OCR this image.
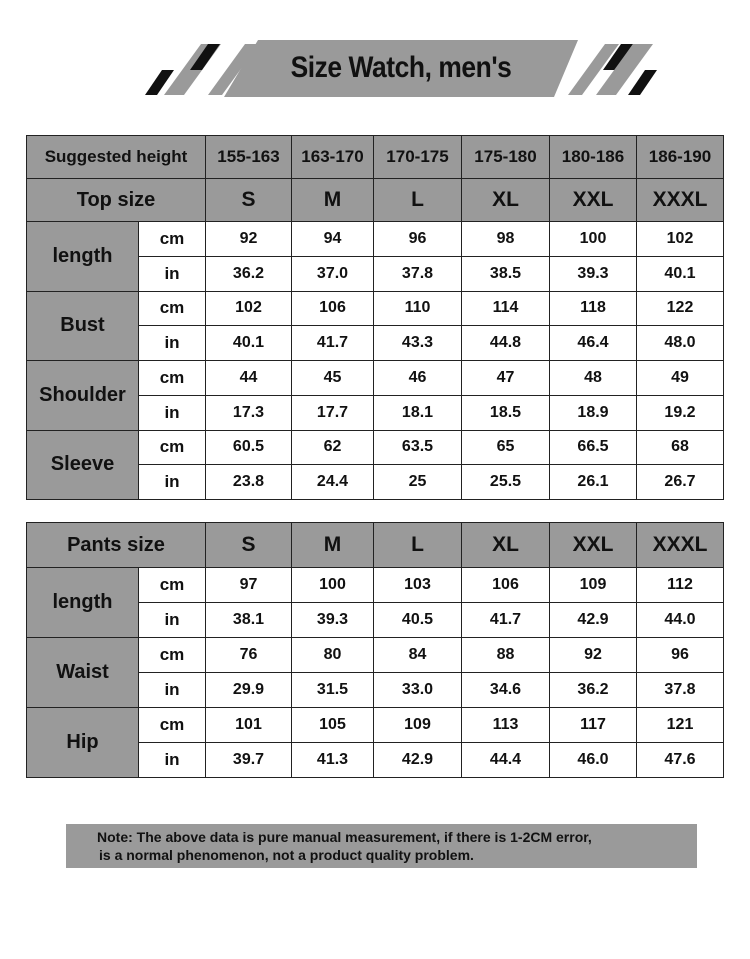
Size Watch, men's
Suggested height		155-163	163-170	170-175	175-180	180-186	186-190
Top size		S	M	L	XL	XXL	XXXL
length	cm	92	94	96	98	100	102
	in	36.2	37.0	37.8	38.5	39.3	40.1
Bust	cm	102	106	110	114	118	122
	in	40.1	41.7	43.3	44.8	46.4	48.0
Shoulder	cm	44	45	46	47	48	49
	in	17.3	17.7	18.1	18.5	18.9	19.2
Sleeve	cm	60.5	62	63.5	65	66.5	68
	in	23.8	24.4	25	25.5	26.1	26.7
Pants size		S	M	L	XL	XXL	XXXL
length	cm	97	100	103	106	109	112
	in	38.1	39.3	40.5	41.7	42.9	44.0
Waist	cm	76	80	84	88	92	96
	in	29.9	31.5	33.0	34.6	36.2	37.8
Hip	cm	101	105	109	113	117	121
	in	39.7	41.3	42.9	44.4	46.0	47.6
Note: The above data is pure manual measurement, if there is 1-2CM error,
is a normal phenomenon, not a product quality problem.
